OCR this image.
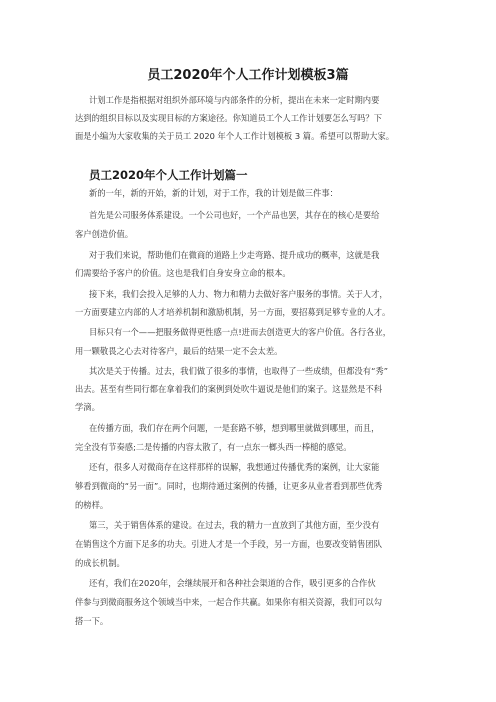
员工2020年个人工作计划模板3篇
计划工作是指根据对组织外部环境与内部条件的分析，提出在未来一定时期内要
达到的组织目标以及实现目标的方案途径。你知道员工个人工作计划要怎么写吗？下
面是小编为大家收集的关于员工 2020 年个人工作计划模板 3 篇。希望可以帮助大家。
员工2020年个人工作计划篇一
新的一年，新的开始，新的计划，对于工作，我的计划是做三件事：
首先是公司服务体系建设。一个公司也好，一个产品也罢，其存在的核心是要给
客户创造价值。
对于我们来说，帮助他们在微商的道路上少走弯路、提升成功的概率，这就是我
们需要给予客户的价值。这也是我们自身安身立命的根本。
接下来，我们会投入足够的人力、物力和精力去做好客户服务的事情。关于人才，
一方面要建立内部的人才培养机制和激励机制，另一方面，要招募到足够专业的人才。
目标只有一个——把服务做得更性感一点!进而去创造更大的客户价值。各行各业，
用一颗敬畏之心去对待客户，最后的结果一定不会太差。
其次是关于传播。过去，我们做了很多的事情，也取得了一些成绩，但都没有“秀”
出去。甚至有些同行都在拿着我们的案例到处吹牛逼说是他们的案子。这显然是不科
学滴。
在传播方面，我们存在两个问题，一是套路不够，想到哪里就做到哪里，而且，
完全没有节奏感;二是传播的内容太散了，有一点东一榔头西一棒槌的感觉。
还有，很多人对微商存在这样那样的误解，我想通过传播优秀的案例，让大家能
够看到微商的“另一面”。同时，也期待通过案例的传播，让更多从业者看到那些优秀
的榜样。
第三，关于销售体系的建设。在过去，我的精力一直放到了其他方面，至少没有
在销售这个方面下足多的功夫。引进人才是一个手段，另一方面，也要改变销售团队
的成长机制。
还有，我们在2020年，会继续展开和各种社会渠道的合作，吸引更多的合作伙
伴参与到微商服务这个领域当中来，一起合作共赢。如果你有相关资源，我们可以勾
搭一下。
